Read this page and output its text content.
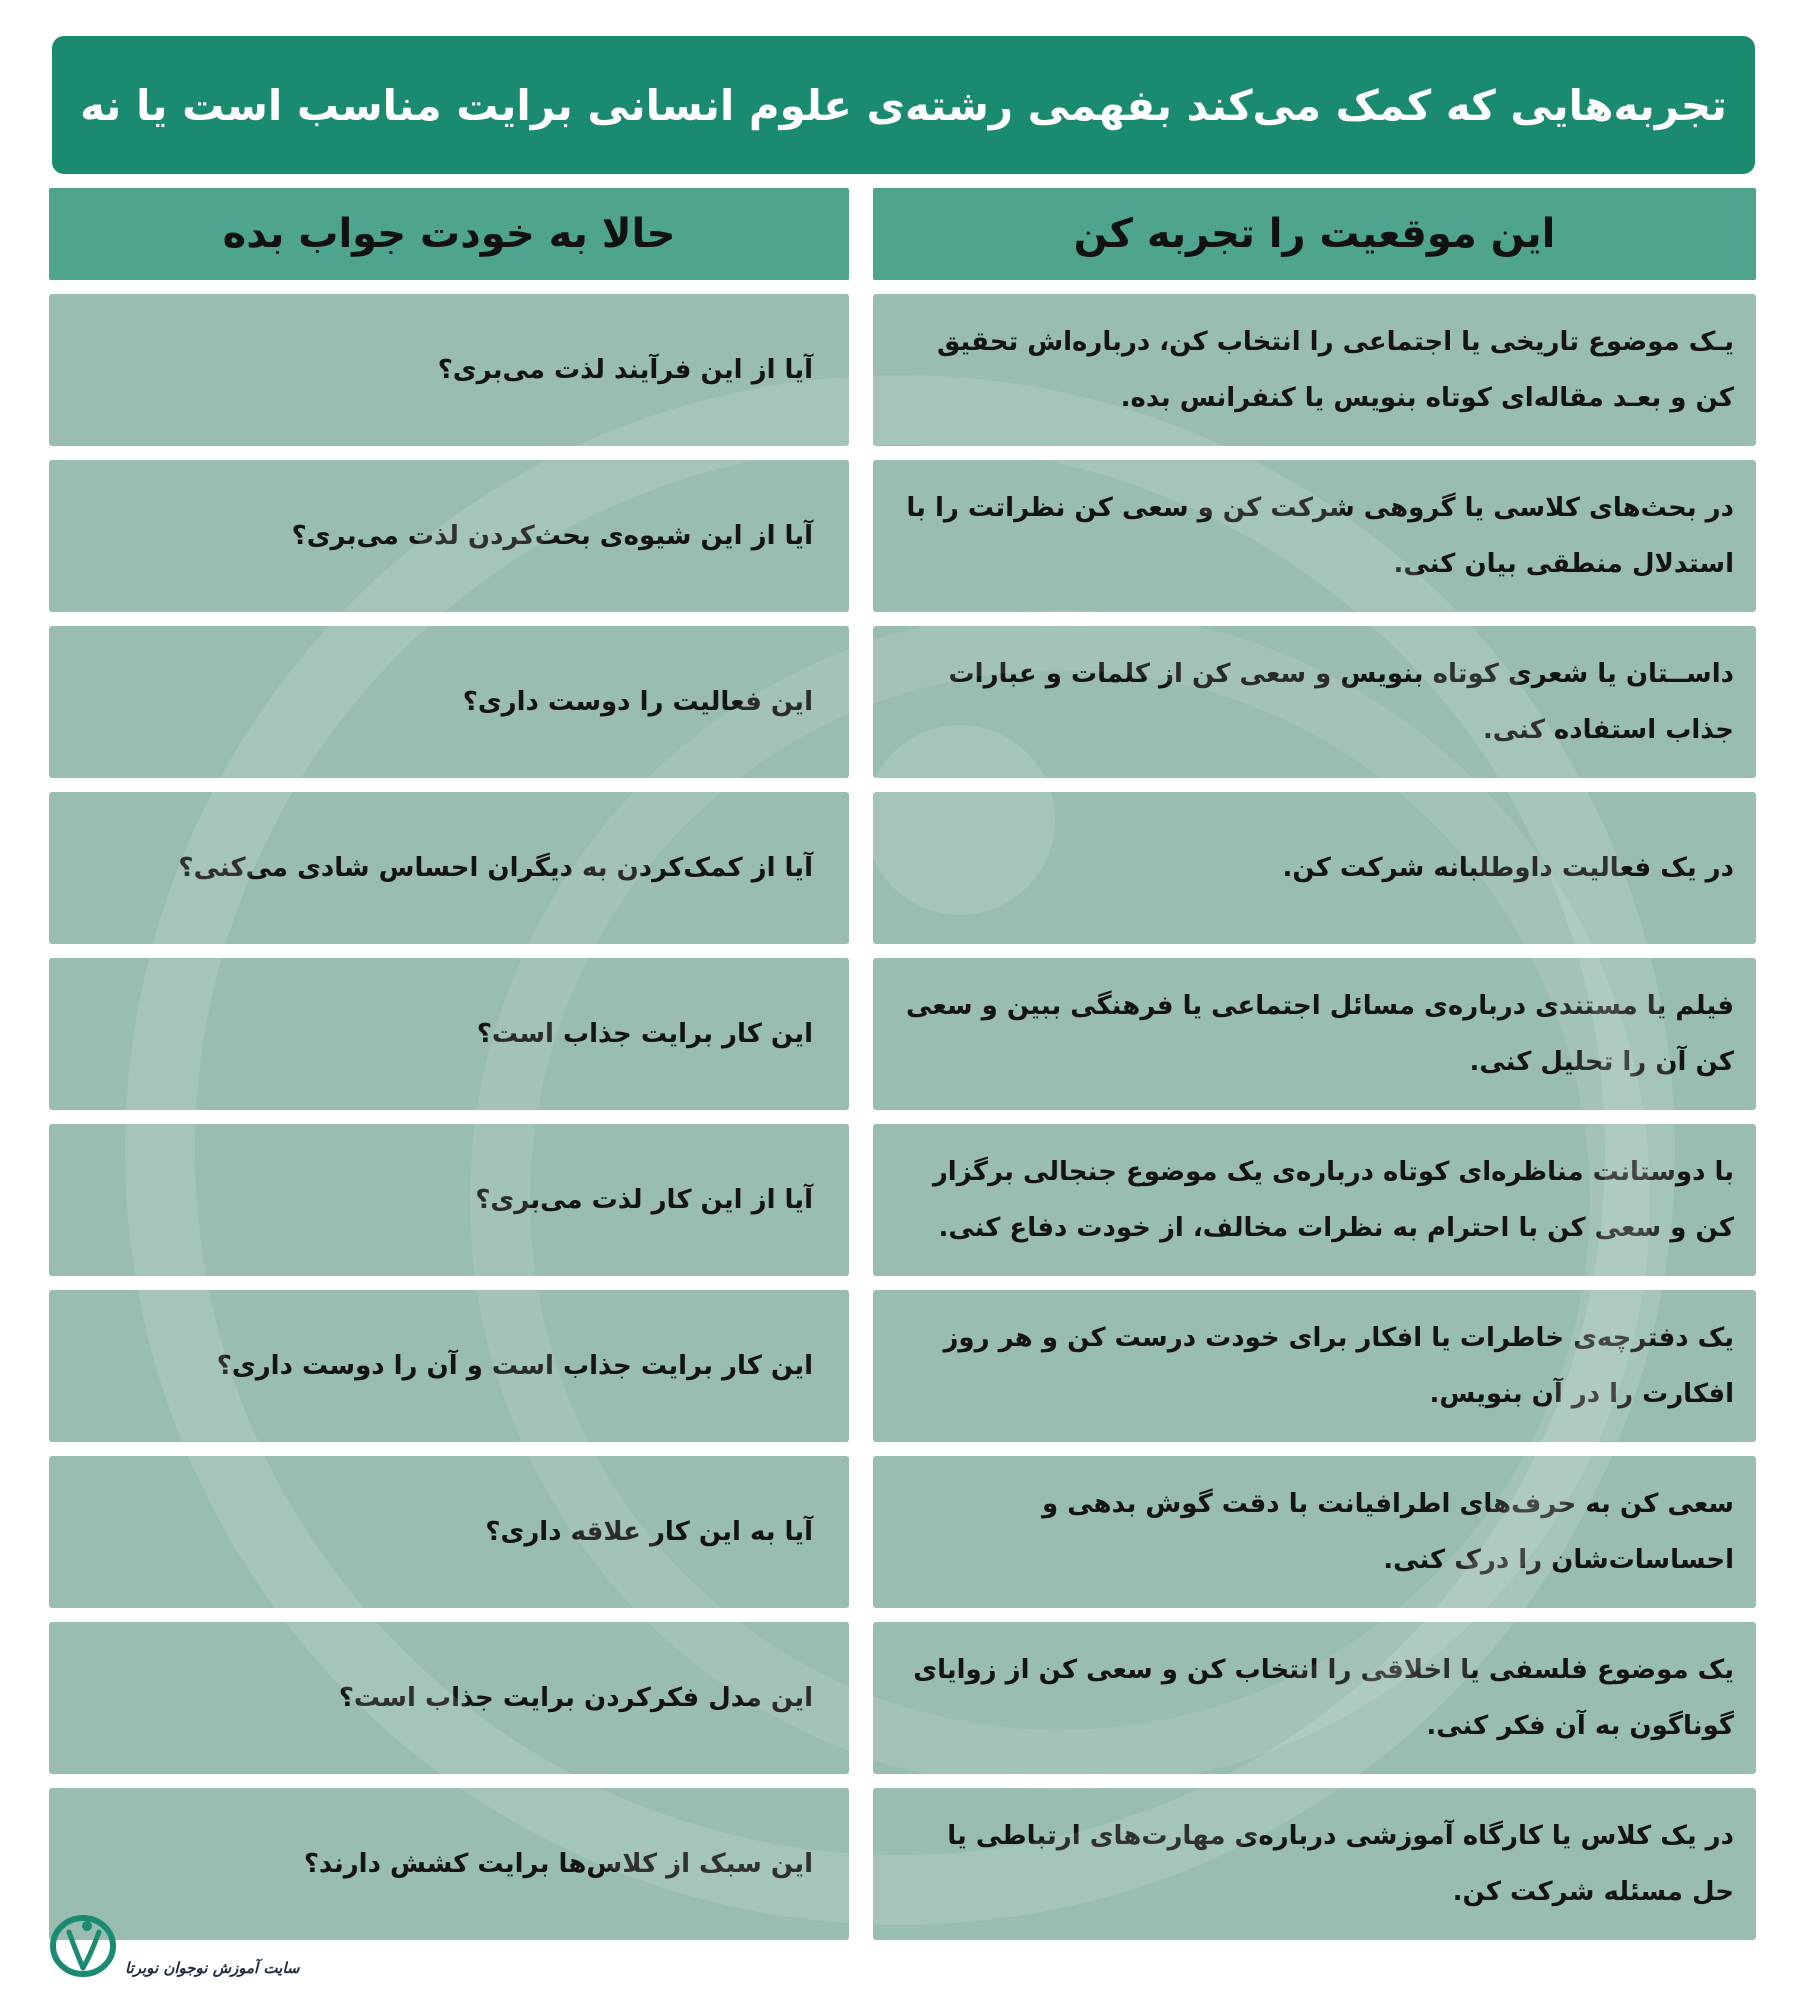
تجربه‌هایی که کمک می‌کند بفهمی رشته‌ی علوم انسانی برایت مناسب است یا نه
حالا به خودت جواب بده	این موقعیت را تجربه کن
آیا از این فرآیند لذت می‌بری؟
یـک موضوع تاریخی یا اجتماعی را انتخاب کن، درباره‌اش تحقیق کن و بعـد مقاله‌ای کوتاه بنویس یا کنفرانس بده.
آیا از این شیوه‌ی بحث‌کردن لذت می‌بری؟
در بحث‌های کلاسی یا گروهی شرکت کن و سعی کن نظراتت را با استدلال منطقی بیان کنی.
این فعالیت را دوست داری؟
داســتان یا شعری کوتاه بنویس و سعی کن از کلمات و عبارات جذاب استفاده کنی.
آیا از کمک‌کردن به دیگران احساس شادی می‌کنی؟	در یک فعالیت داوطلبانه شرکت کن.
این کار برایت جذاب است؟
فیلم یا مستندی درباره‌ی مسائل اجتماعی یا فرهنگی ببین و سعی کن آن را تحلیل کنی.
آیا از این کار لذت می‌بری؟
با دوستانت مناظره‌ای کوتاه درباره‌ی یک موضوع جنجالی برگزار کن و سعی کن با احترام به نظرات مخالف، از خودت دفاع کنی.
این کار برایت جذاب است و آن را دوست داری؟
یک دفترچه‌ی خاطرات یا افکار برای خودت درست کن و هر روز افکارت را در آن بنویس.
آیا به این کار علاقه داری؟
سعی کن به حرف‌های اطرافیانت با دقت گوش بدهی و احساسات‌شان را درک کنی.
این مدل فکرکردن برایت جذاب است؟
یک موضوع فلسفی یا اخلاقی را انتخاب کن و سعی کن از زوایای گوناگون به آن فکر کنی.
این سبک از کلاس‌ها برایت کشش دارند؟
در یک کلاس یا کارگاه آموزشی درباره‌ی مهارت‌های ارتباطی یا حل مسئله شرکت کن.
سایت آموزش نوجوان نوبرتا
